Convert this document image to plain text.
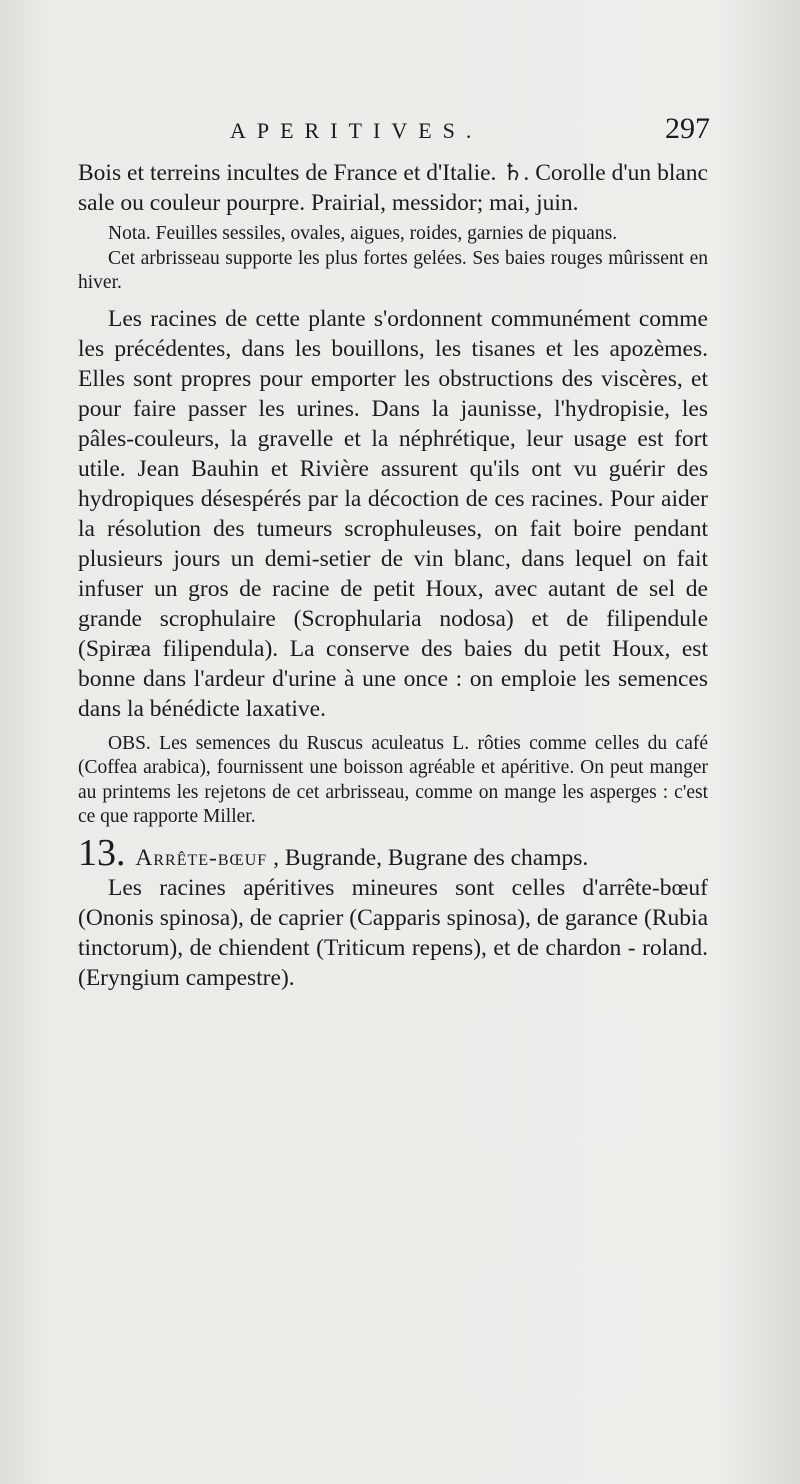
APERITIVES.	297

Bois et terreins incultes de France et d'Italie. ♄. Corolle d'un blanc sale ou couleur pourpre. Prairial, messidor; mai, juin.

Nota. Feuilles sessiles, ovales, aigues, roides, garnies de piquans.

Cet arbrisseau supporte les plus fortes gelées. Ses baies rouges mûrissent en hiver.

Les racines de cette plante s'ordonnent communément comme les précédentes, dans les bouillons, les tisanes et les apozèmes. Elles sont propres pour emporter les obstructions des viscères, et pour faire passer les urines. Dans la jaunisse, l'hydropisie, les pâles-couleurs, la gravelle et la néphrétique, leur usage est fort utile. Jean Bauhin et Rivière assurent qu'ils ont vu guérir des hydropiques désespérés par la décoction de ces racines. Pour aider la résolution des tumeurs scrophuleuses, on fait boire pendant plusieurs jours un demi-setier de vin blanc, dans lequel on fait infuser un gros de racine de petit Houx, avec autant de sel de grande scrophulaire (Scrophularia nodosa) et de filipendule (Spiræa filipendula). La conserve des baies du petit Houx, est bonne dans l'ardeur d'urine à une once : on emploie les semences dans la bénédicte laxative.

OBS. Les semences du Ruscus aculeatus L. rôties comme celles du café (Coffea arabica), fournissent une boisson agréable et apéritive. On peut manger au printems les rejetons de cet arbrisseau, comme on mange les asperges : c'est ce que rapporte Miller.

13. Arrête-bœuf , Bugrande, Bugrane des champs.

Les racines apéritives mineures sont celles d'arrête-bœuf (Ononis spinosa), de caprier (Capparis spinosa), de garance (Rubia tinctorum), de chiendent (Triticum repens), et de chardon - roland. (Eryngium campestre).
